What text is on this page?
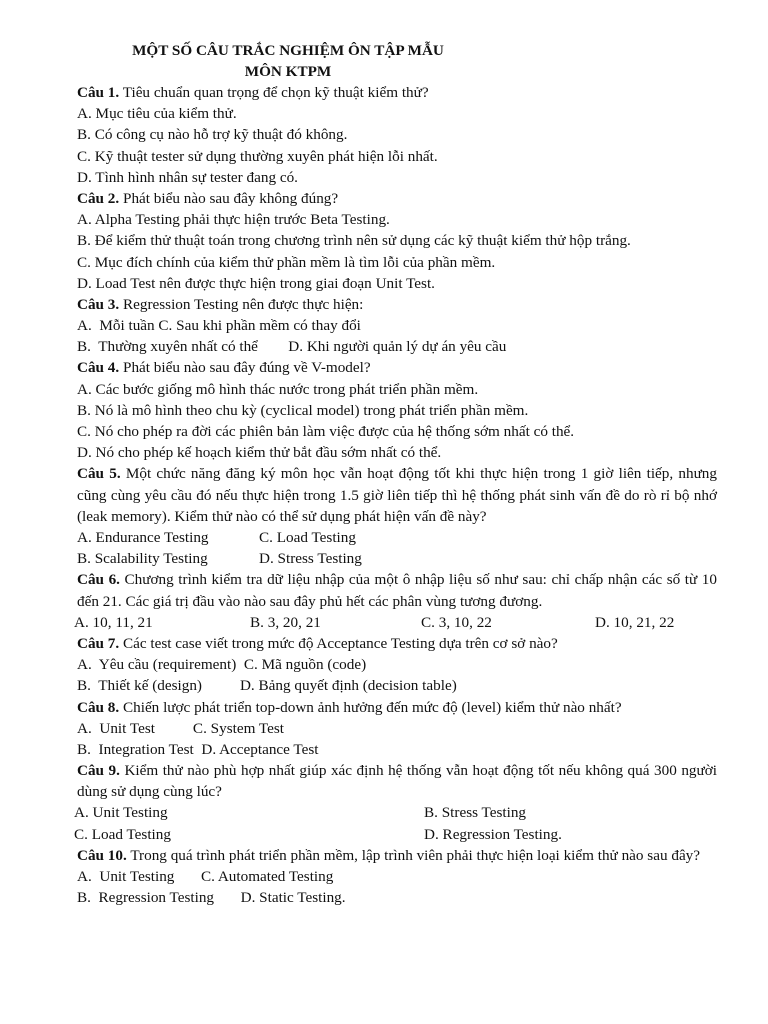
MỘT SỐ CÂU TRẮC NGHIỆM ÔN TẬP MẪU
MÔN KTPM
Câu 1. Tiêu chuẩn quan trọng để chọn kỹ thuật kiểm thử?
A. Mục tiêu của kiểm thử.
B. Có công cụ nào hỗ trợ kỹ thuật đó không.
C. Kỹ thuật tester sử dụng thường xuyên phát hiện lỗi nhất.
D. Tình hình nhân sự tester đang có.
Câu 2. Phát biểu nào sau đây không đúng?
A. Alpha Testing phải thực hiện trước Beta Testing.
B. Để kiểm thử thuật toán trong chương trình nên sử dụng các kỹ thuật kiểm thử hộp trắng.
C. Mục đích chính của kiểm thử phần mềm là tìm lỗi của phần mềm.
D. Load Test nên được thực hiện trong giai đoạn Unit Test.
Câu 3. Regression Testing nên được thực hiện:
A.  Mỗi tuần C. Sau khi phần mềm có thay đổi
B.  Thường xuyên nhất có thể        D. Khi người quản lý dự án yêu cầu
Câu 4. Phát biểu nào sau đây đúng về V-model?
A. Các bước giống mô hình thác nước trong phát triển phần mềm.
B. Nó là mô hình theo chu kỳ (cyclical model) trong phát triển phần mềm.
C. Nó cho phép ra đời các phiên bản làm việc được của hệ thống sớm nhất có thể.
D. Nó cho phép kế hoạch kiểm thử bắt đầu sớm nhất có thể.
Câu 5. Một chức năng đăng ký môn học vẫn hoạt động tốt khi thực hiện trong 1 giờ liên tiếp, nhưng cũng cùng yêu cầu đó nếu thực hiện trong 1.5 giờ liên tiếp thì hệ thống phát sinh vấn đề do rò rỉ bộ nhớ (leak memory). Kiểm thử nào có thể sử dụng phát hiện vấn đề này?
A. Endurance Testing	C. Load Testing
B. Scalability Testing	D. Stress Testing
Câu 6. Chương trình kiểm tra dữ liệu nhập của một ô nhập liệu số như sau: chỉ chấp nhận các số từ 10 đến 21. Các giá trị đầu vào nào sau đây phủ hết các phân vùng tương đương.
A. 10, 11, 21	B. 3, 20, 21	C. 3, 10, 22	D. 10, 21, 22
Câu 7. Các test case viết trong mức độ Acceptance Testing dựa trên cơ sở nào?
A.  Yêu cầu (requirement)  C. Mã nguồn (code)
B.  Thiết kế (design)          D. Bảng quyết định (decision table)
Câu 8. Chiến lược phát triển top-down ảnh hưởng đến mức độ (level) kiểm thử nào nhất?
A.  Unit Test          C. System Test
B.  Integration Test  D. Acceptance Test
Câu 9. Kiểm thử nào phù hợp nhất giúp xác định hệ thống vẫn hoạt động tốt nếu không quá 300 người dùng sử dụng cùng lúc?
A. Unit Testing	B. Stress Testing
C. Load Testing	D. Regression Testing.
Câu 10. Trong quá trình phát triển phần mềm, lập trình viên phải thực hiện loại kiểm thử nào sau đây?
A.  Unit Testing       C. Automated Testing
B.  Regression Testing       D. Static Testing.
